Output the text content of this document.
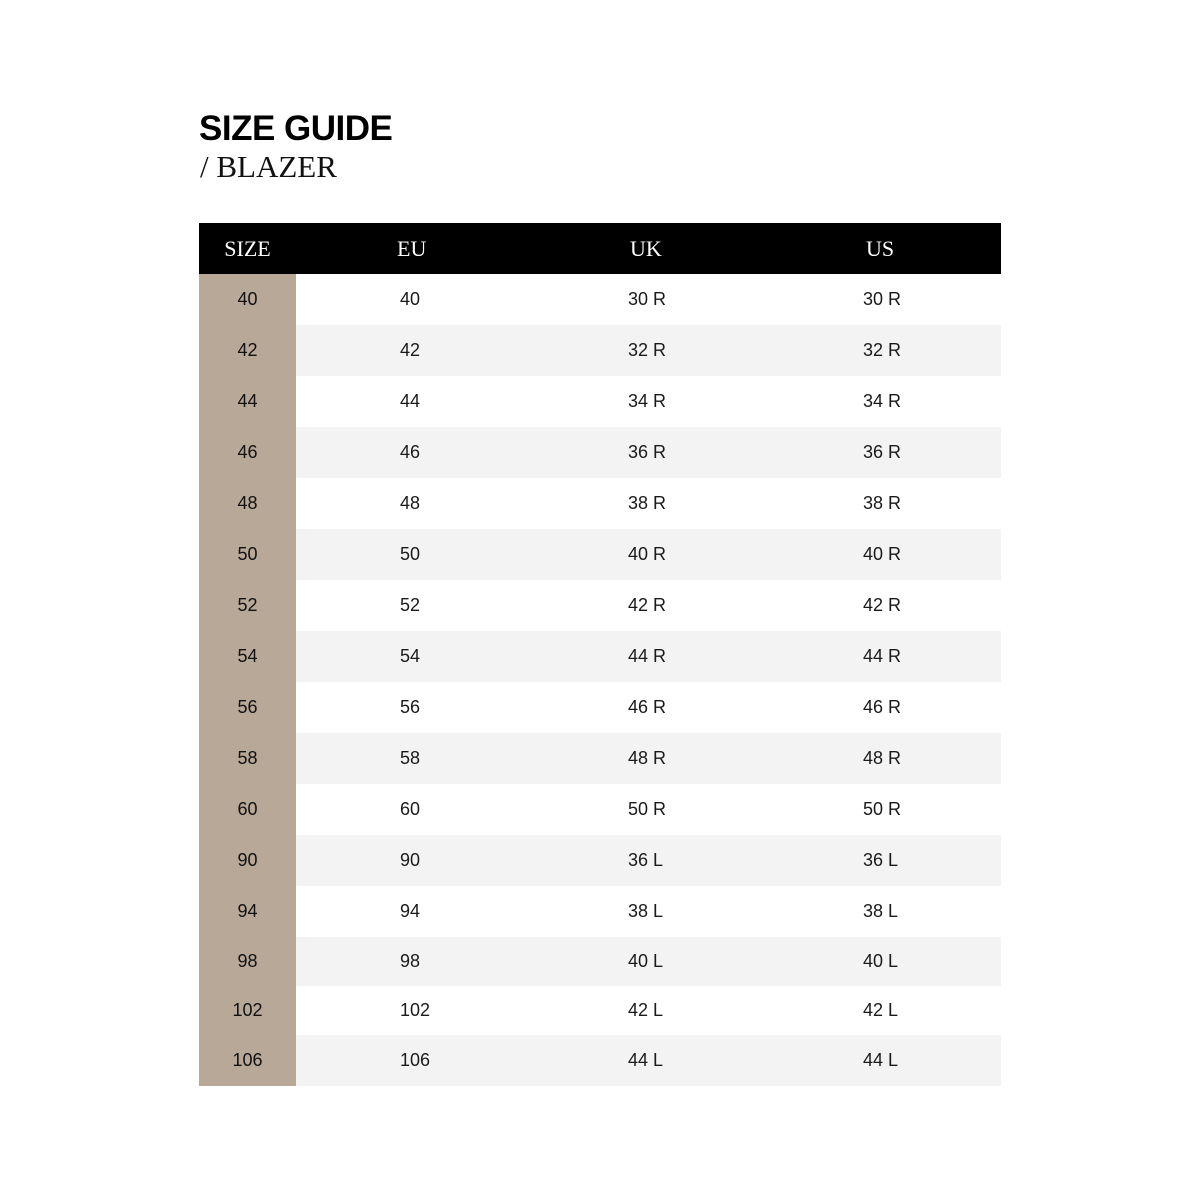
SIZE GUIDE
/ BLAZER
SIZE	EU	UK	US
40	40	30 R	30 R
42	42	32 R	32 R
44	44	34 R	34 R
46	46	36 R	36 R
48	48	38 R	38 R
50	50	40 R	40 R
52	52	42 R	42 R
54	54	44 R	44 R
56	56	46 R	46 R
58	58	48 R	48 R
60	60	50 R	50 R
90	90	36 L	36 L
94	94	38 L	38 L
98	98	40 L	40 L
102	102	42 L	42 L
106	106	44 L	44 L
